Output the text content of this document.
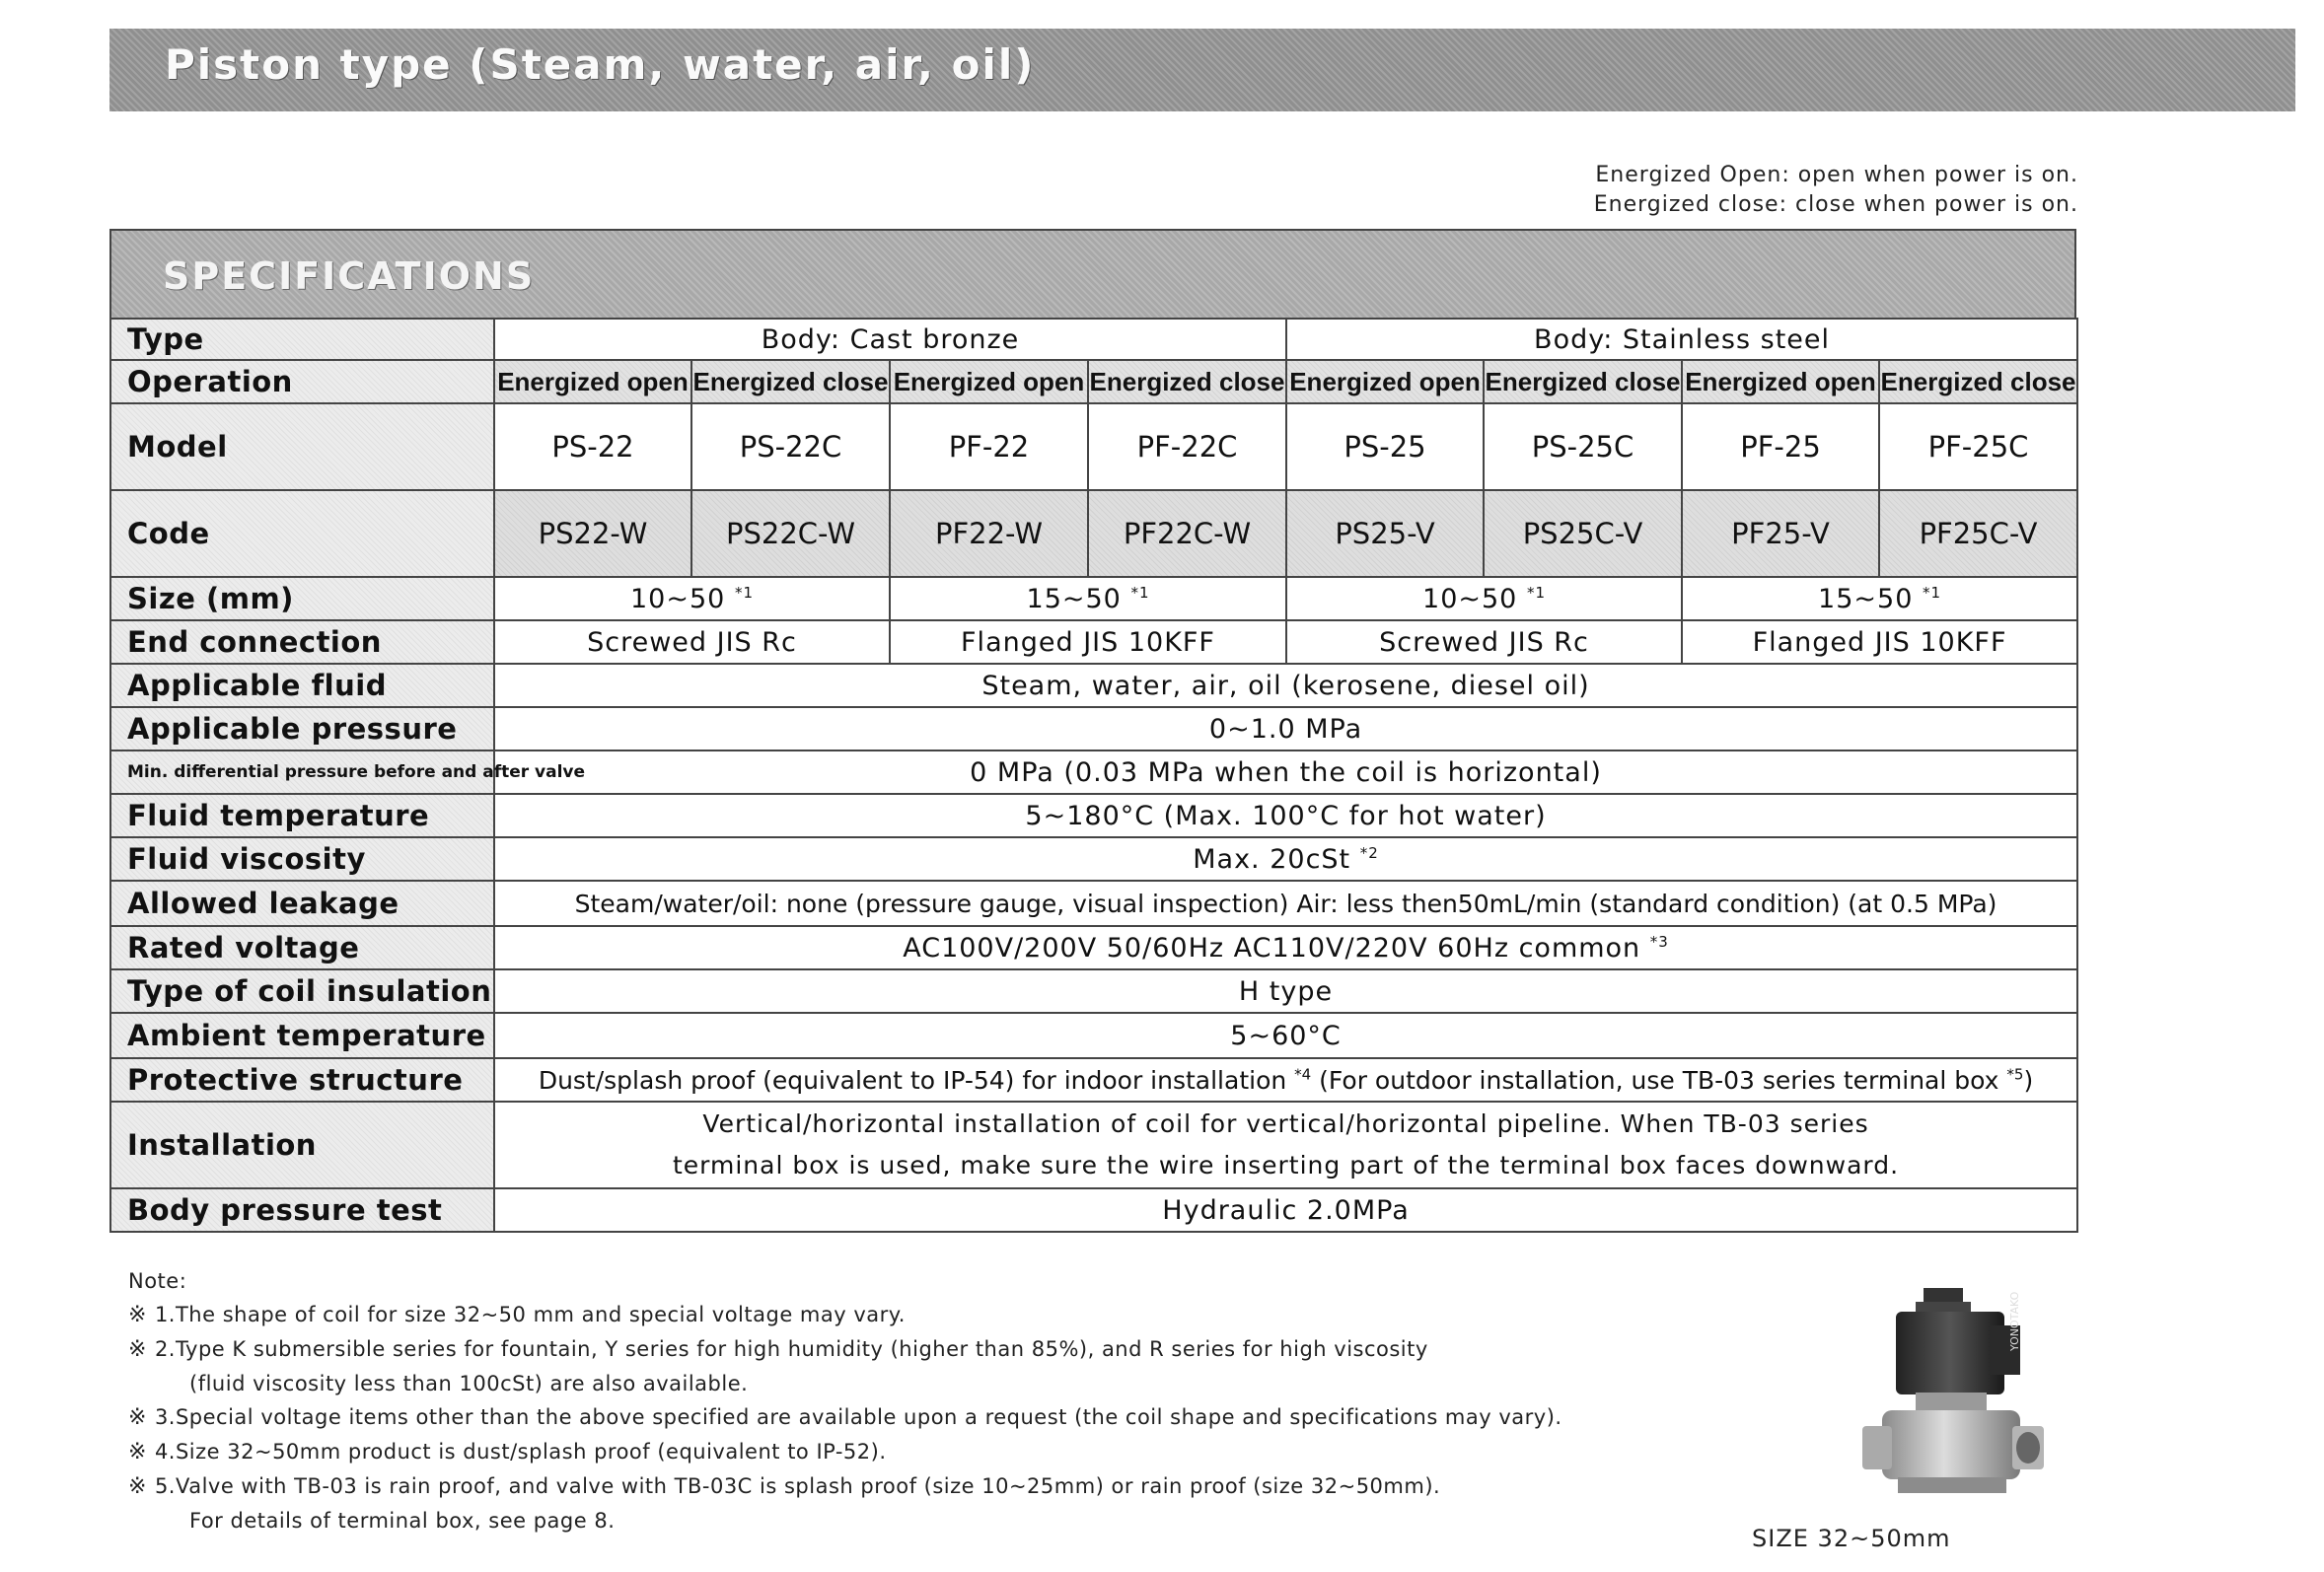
Piston type (Steam, water, air, oil)
Energized Open: open when power is on.
Energized close: close when power is on.
SPECIFICATIONS
Type	Body: Cast bronze				Body: Stainless steel			
Operation	Energized open	Energized close	Energized open	Energized close	Energized open	Energized close	Energized open	Energized close
Model	PS-22	PS-22C	PF-22	PF-22C	PS-25	PS-25C	PF-25	PF-25C
Code	PS22-W	PS22C-W	PF22-W	PF22C-W	PS25-V	PS25C-V	PF25-V	PF25C-V
Size (mm)	10~50 $^{*1}$		15~50 $^{*1}$		10~50 $^{*1}$		15~50 $^{*1}$
End connection	Screwed JIS Rc		Flanged JIS 10KFF		Screwed JIS Rc		Flanged JIS 10KFF	
Applicable fluid	Steam, water, air, oil (kerosene, diesel oil)							
Applicable pressure	0~1.0 MPa							
Min. differential pressure before and after valve	0 MPa (0.03 MPa when the coil is horizontal)							
Fluid temperature	5~180°C (Max. 100°C for hot water)							
Fluid viscosity	Max. 20cSt $^{*2}$
Allowed leakage	Steam/water/oil: none (pressure gauge, visual inspection) Air: less then50mL/min (standard condition) (at 0.5 MPa)							
Rated voltage	AC100V/200V 50/60Hz AC110V/220V 60Hz common $^{*3}$
Type of coil insulation	H type							
Ambient temperature	5~60°C							
Protective structure	Dust/splash proof (equivalent to IP-54) for indoor installation $^{*4}$ (For outdoor installation, use TB-03 series terminal box $^{*5}$)							
Installation	Vertical/horizontal installation of coil for vertical/horizontal pipeline. When TB-03 series
terminal box is used, make sure the wire inserting part of the terminal box faces downward.							

Body pressure test	Hydraulic 2.0MPa							
Note:
※ 1.The shape of coil for size 32~50 mm and special voltage may vary.
※ 2.Type K submersible series for fountain, Y series for high humidity (higher than 85%), and R series for high viscosity
(fluid viscosity less than 100cSt) are also available.
※ 3.Special voltage items other than the above specified are available upon a request (the coil shape and specifications may vary).
※ 4.Size 32~50mm product is dust/splash proof (equivalent to IP-52).
※ 5.Valve with TB-03 is rain proof, and valve with TB-03C is splash proof (size 10~25mm) or rain proof (size 32~50mm).
For details of terminal box, see page 8.
YONOTAKO
SIZE 32~50mm
